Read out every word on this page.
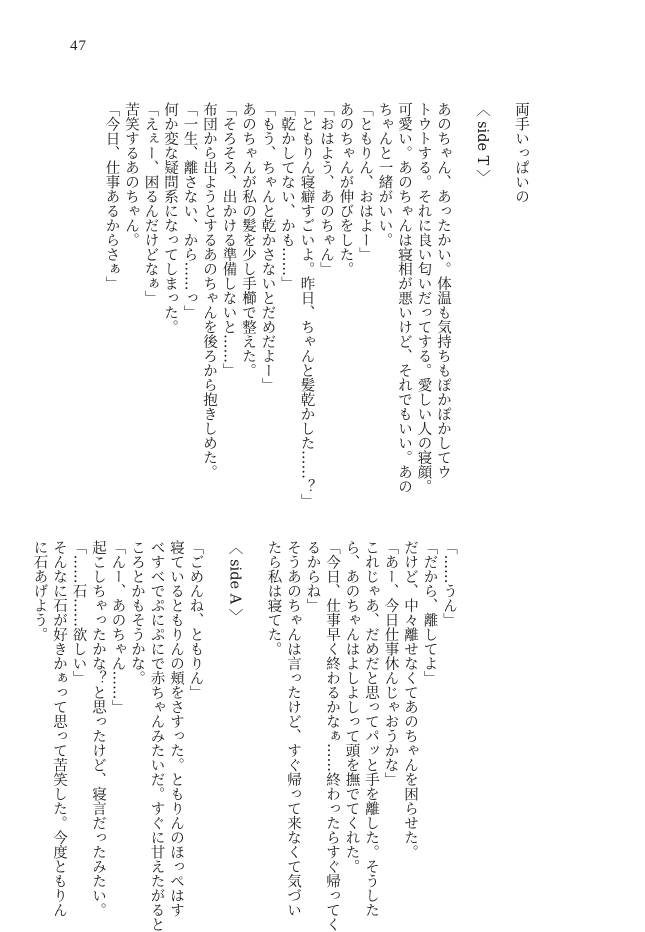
47
両手いっぱいの

〈 side T 〉

あのちゃん、あったかい。体温も気持ちもぽかぽかしてウ
トウトする。それに良い匂いだってする。愛しい人の寝顔。
可愛い。あのちゃんは寝相が悪いけど、それでもいい。あの
ちゃんと一緒がいい。
「ともりん、おはよー」
あのちゃんが伸びをした。
「おはよう、あのちゃん」
「ともりん寝癖すごいよ。昨日、ちゃんと髪乾かした……？」
「乾かしてない、かも……」
「もう、ちゃんと乾かさないとだめだよー」
あのちゃんが私の髪を少し手櫛で整えた。
「そろそろ、出かける準備しないと……」
布団から出ようとするあのちゃんを後ろから抱きしめた。
「一生、離さない、から……っ」
何か変な疑問系になってしまった。
「えぇー、困るんだけどなぁ」
苦笑するあのちゃん。
「今日、仕事あるからさぁ」
「……うん」
「だから、離してよ」
だけど、中々離せなくてあのちゃんを困らせた。
「あー、今日仕事休んじゃおうかな」
これじゃあ、だめだと思ってパッと手を離した。そうした
ら、あのちゃんはよしよしって頭を撫でてくれた。
「今日、仕事早く終わるかなぁ……終わったらすぐ帰ってく
るからね」
そうあのちゃんは言ったけど、すぐ帰って来なくて気づい
たら私は寝てた。

〈 side A 〉

「ごめんね、ともりん」
寝ているともりんの頬をさすった。ともりんのほっぺはす
べすべでぷにぷにで赤ちゃんみたいだ。すぐに甘えたがると
ころとかもそうかな。
「んー、あのちゃん……」
起こしちゃったかな？と思ったけど、寝言だったみたい。
「……石……欲しい」
そんなに石が好きかぁって思って苦笑した。今度ともりん
に石あげよう。
